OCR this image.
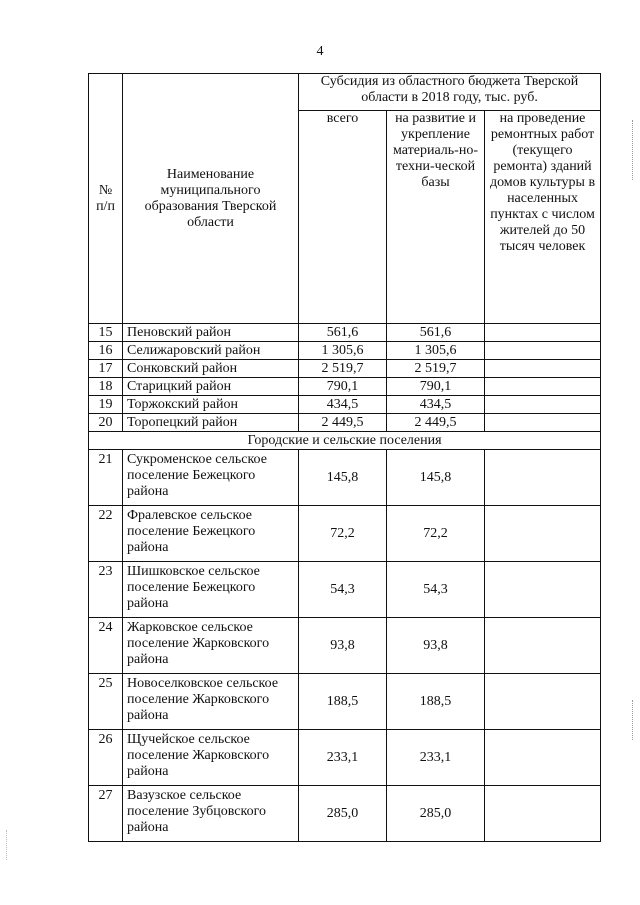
4
№ п/п	Наименование муниципального образования Тверской области	Субсидия из областного бюджета Тверской области в 2018 году, тыс. руб.		
		всего	на развитие и укрепление материаль-но-техни-ческой базы	на проведение ремонтных работ (текущего ремонта) зданий домов культуры в населенных пунктах с числом жителей до 50 тысяч человек
15	Пеновский район	561,6	561,6	
16	Селижаровский район	1 305,6	1 305,6	
17	Сонковский район	2 519,7	2 519,7	
18	Старицкий район	790,1	790,1	
19	Торжокский район	434,5	434,5	
20	Торопецкий район	2 449,5	2 449,5	
Городские и сельские поселения				
21	Сукроменское сельское поселение Бежецкого района	145,8	145,8	
22	Фралевское сельское поселение Бежецкого района	72,2	72,2	
23	Шишковское сельское поселение Бежецкого района	54,3	54,3	
24	Жарковское сельское поселение Жарковского района	93,8	93,8	
25	Новоселковское сельское поселение Жарковского района	188,5	188,5	
26	Щучейское сельское поселение Жарковского района	233,1	233,1	
27	Вазузское сельское поселение Зубцовского района	285,0	285,0	
